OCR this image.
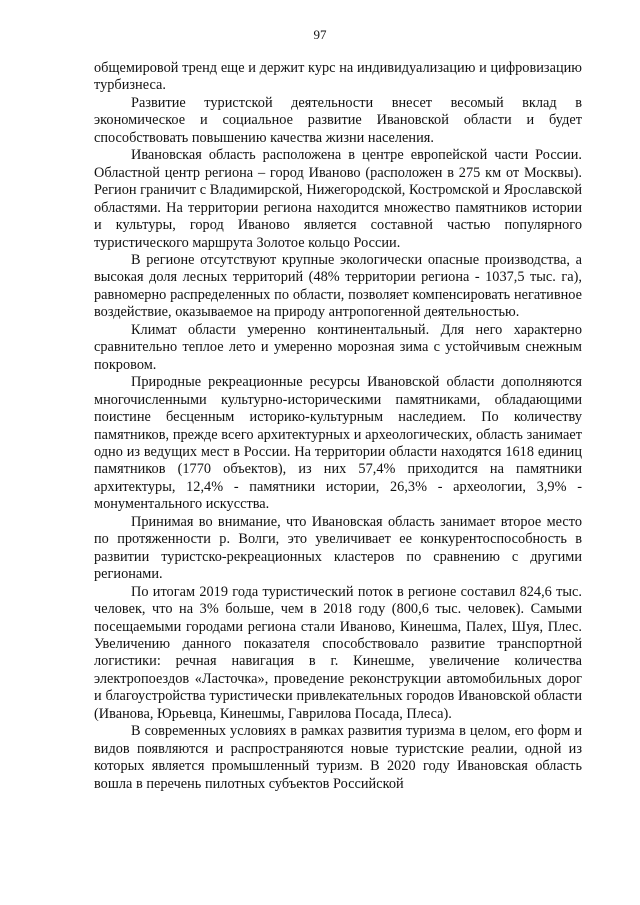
97

общемировой тренд еще и держит курс на индивидуализацию и цифровизацию турбизнеса.

Развитие туристской деятельности внесет весомый вклад в экономическое и социальное развитие Ивановской области и будет способствовать повышению качества жизни населения.

Ивановская область расположена в центре европейской части России. Областной центр региона – город Иваново (расположен в 275 км от Москвы). Регион граничит с Владимирской, Нижегородской, Костромской и Ярославской областями. На территории региона находится множество памятников истории и культуры, город Иваново является составной частью популярного туристического маршрута Золотое кольцо России.

В регионе отсутствуют крупные экологически опасные производства, а высокая доля лесных территорий (48% территории региона - 1037,5 тыс. га), равномерно распределенных по области, позволяет компенсировать негативное воздействие, оказываемое на природу антропогенной деятельностью.

Климат области умеренно континентальный. Для него характерно сравнительно теплое лето и умеренно морозная зима с устойчивым снежным покровом.

Природные рекреационные ресурсы Ивановской области дополняются многочисленными культурно-историческими памятниками, обладающими поистине бесценным историко-культурным наследием. По количеству памятников, прежде всего архитектурных и археологических, область занимает одно из ведущих мест в России. На территории области находятся 1618 единиц памятников (1770 объектов), из них 57,4% приходится на памятники архитектуры, 12,4% - памятники истории, 26,3% - археологии, 3,9% - монументального искусства.

Принимая во внимание, что Ивановская область занимает второе место по протяженности р. Волги, это увеличивает ее конкурентоспособность в развитии туристско-рекреационных кластеров по сравнению с другими регионами.

По итогам 2019 года туристический поток в регионе составил 824,6 тыс. человек, что на 3% больше, чем в 2018 году (800,6 тыс. человек). Самыми посещаемыми городами региона стали Иваново, Кинешма, Палех, Шуя, Плес. Увеличению данного показателя способствовало развитие транспортной логистики: речная навигация в г. Кинешме, увеличение количества электропоездов «Ласточка», проведение реконструкции автомобильных дорог и благоустройства туристически привлекательных городов Ивановской области (Иванова, Юрьевца, Кинешмы, Гаврилова Посада, Плеса).

В современных условиях в рамках развития туризма в целом, его форм и видов появляются и распространяются новые туристские реалии, одной из которых является промышленный туризм. В 2020 году Ивановская область вошла в перечень пилотных субъектов Российской
